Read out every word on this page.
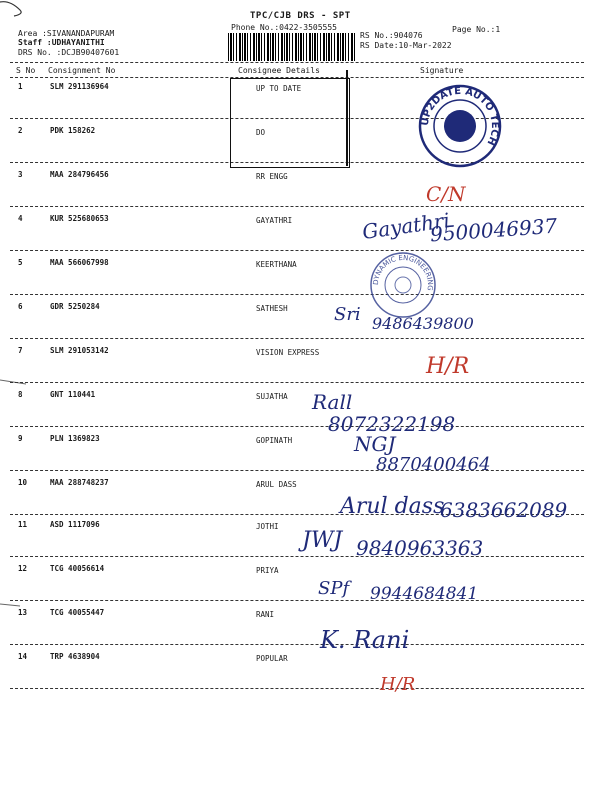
TPC/CJB DRS - SPT
Phone No.:0422-3505555	Page No.:1
Area :SIVANANDAPURAM
Staff :UDHAYANITHI
DRS No. :DCJB90407601
RS No.:904076
RS Date:10-Mar-2022
S No Consignment No	Consignee Details	Signature
1	SLM 291136964	UP TO DATE
2	PDK 158262	DO
3	MAA 284796456	RR ENGG
4	KUR 525680653	GAYATHRI
5	MAA 566067998	KEERTHANA
6	GDR 5250284	SATHESH
7	SLM 291053142	VISION EXPRESS
8	GNT 110441	SUJATHA
9	PLN 1369823	GOPINATH
10	MAA 288748237	ARUL DASS
11	ASD 1117096	JOTHI
12	TCG 40056614	PRIYA
13	TCG 40055447	RANI
14	TRP 4638904	POPULAR
UP2DATE AUTO TECH
DYNAMIC ENGINEERING
C/N
Gayathri
9500046937
Sri 9486439800
H/R
Rall
8072322198
NGJ
8870400464
Arul dass
6383662089
JWJ 9840963363
SPf 9944684841
K. Rani
H/R
